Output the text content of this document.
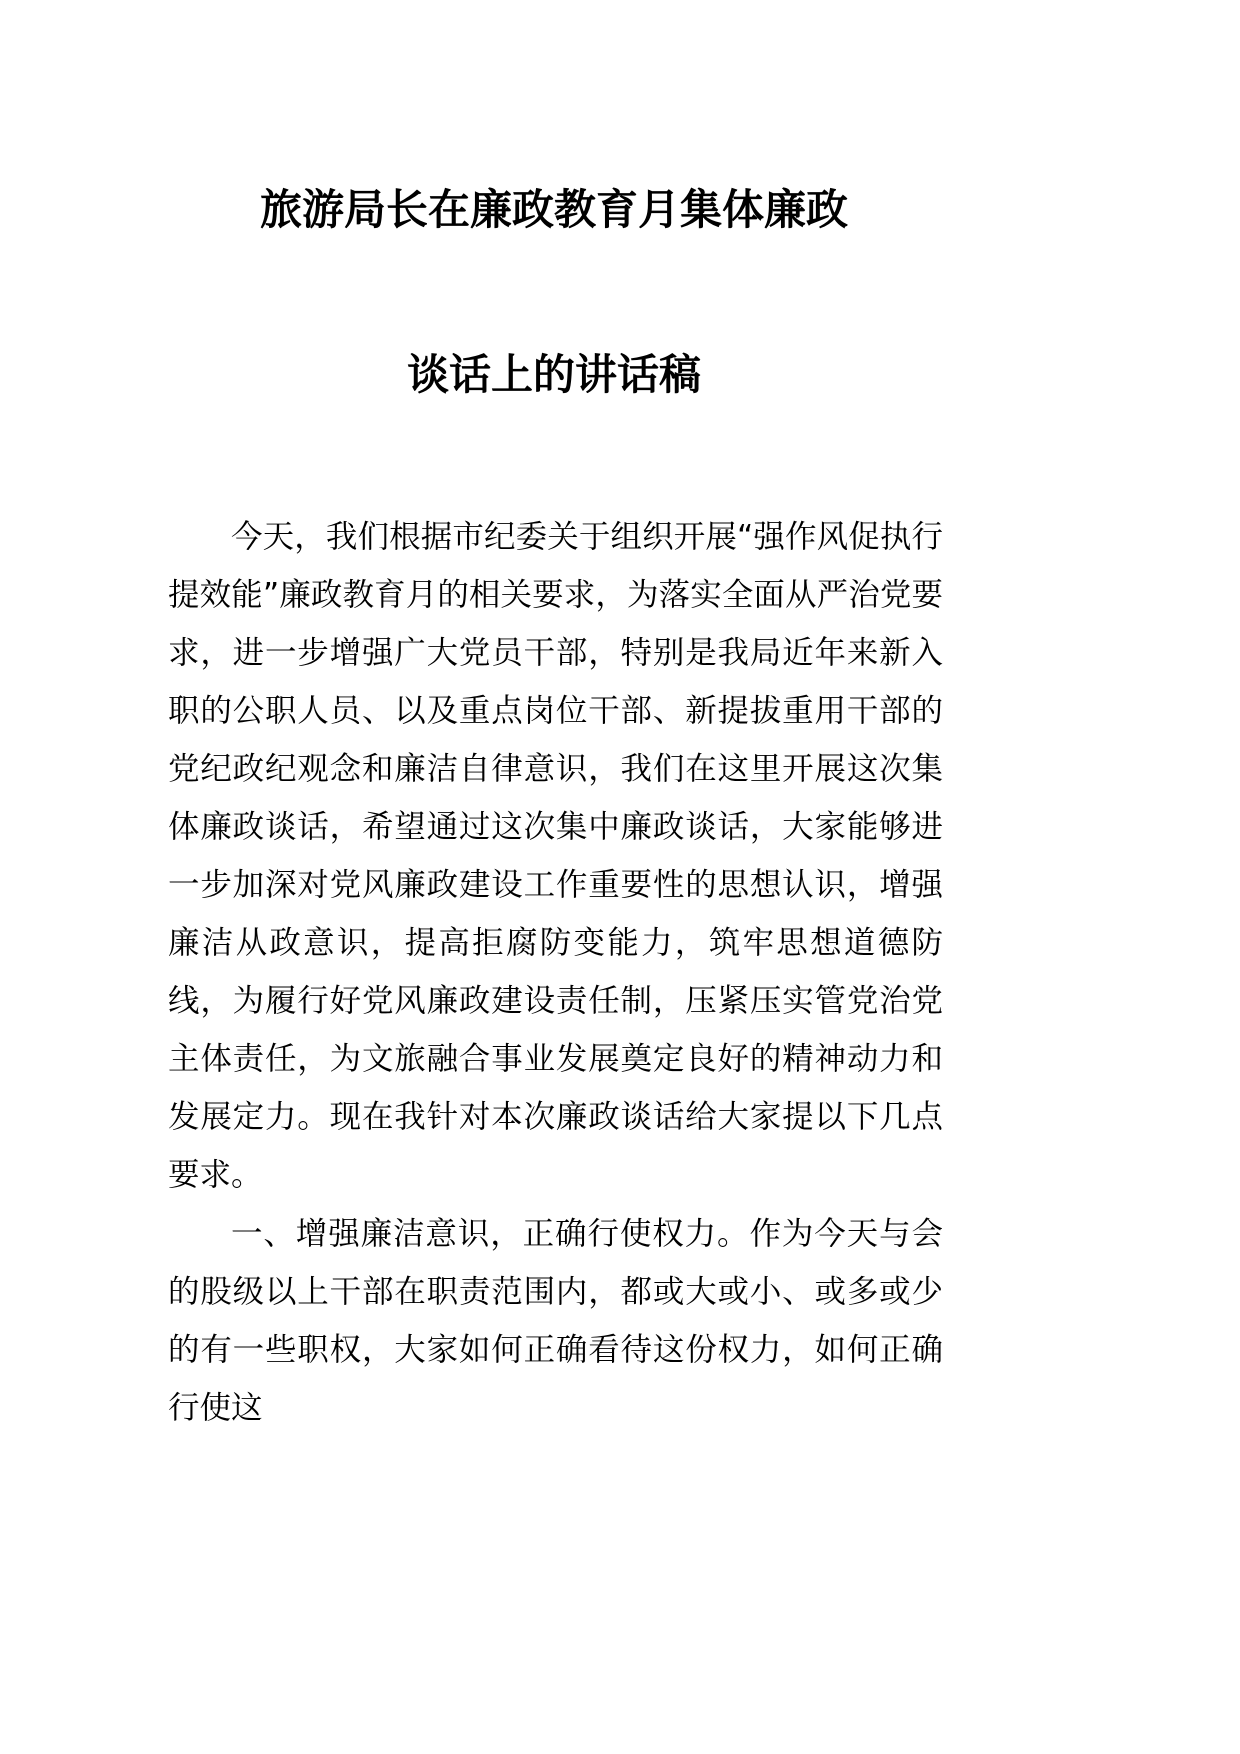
旅游局长在廉政教育月集体廉政
谈话上的讲话稿

今天，我们根据市纪委关于组织开展“强作风促执行提效能”廉政教育月的相关要求，为落实全面从严治党要求，进一步增强广大党员干部，特别是我局近年来新入职的公职人员、以及重点岗位干部、新提拔重用干部的党纪政纪观念和廉洁自律意识，我们在这里开展这次集体廉政谈话，希望通过这次集中廉政谈话，大家能够进一步加深对党风廉政建设工作重要性的思想认识，增强廉洁从政意识，提高拒腐防变能力，筑牢思想道德防线，为履行好党风廉政建设责任制，压紧压实管党治党主体责任，为文旅融合事业发展奠定良好的精神动力和发展定力。现在我针对本次廉政谈话给大家提以下几点要求。

一、增强廉洁意识，正确行使权力。作为今天与会的股级以上干部在职责范围内，都或大或小、或多或少的有一些职权，大家如何正确看待这份权力，如何正确行使这
